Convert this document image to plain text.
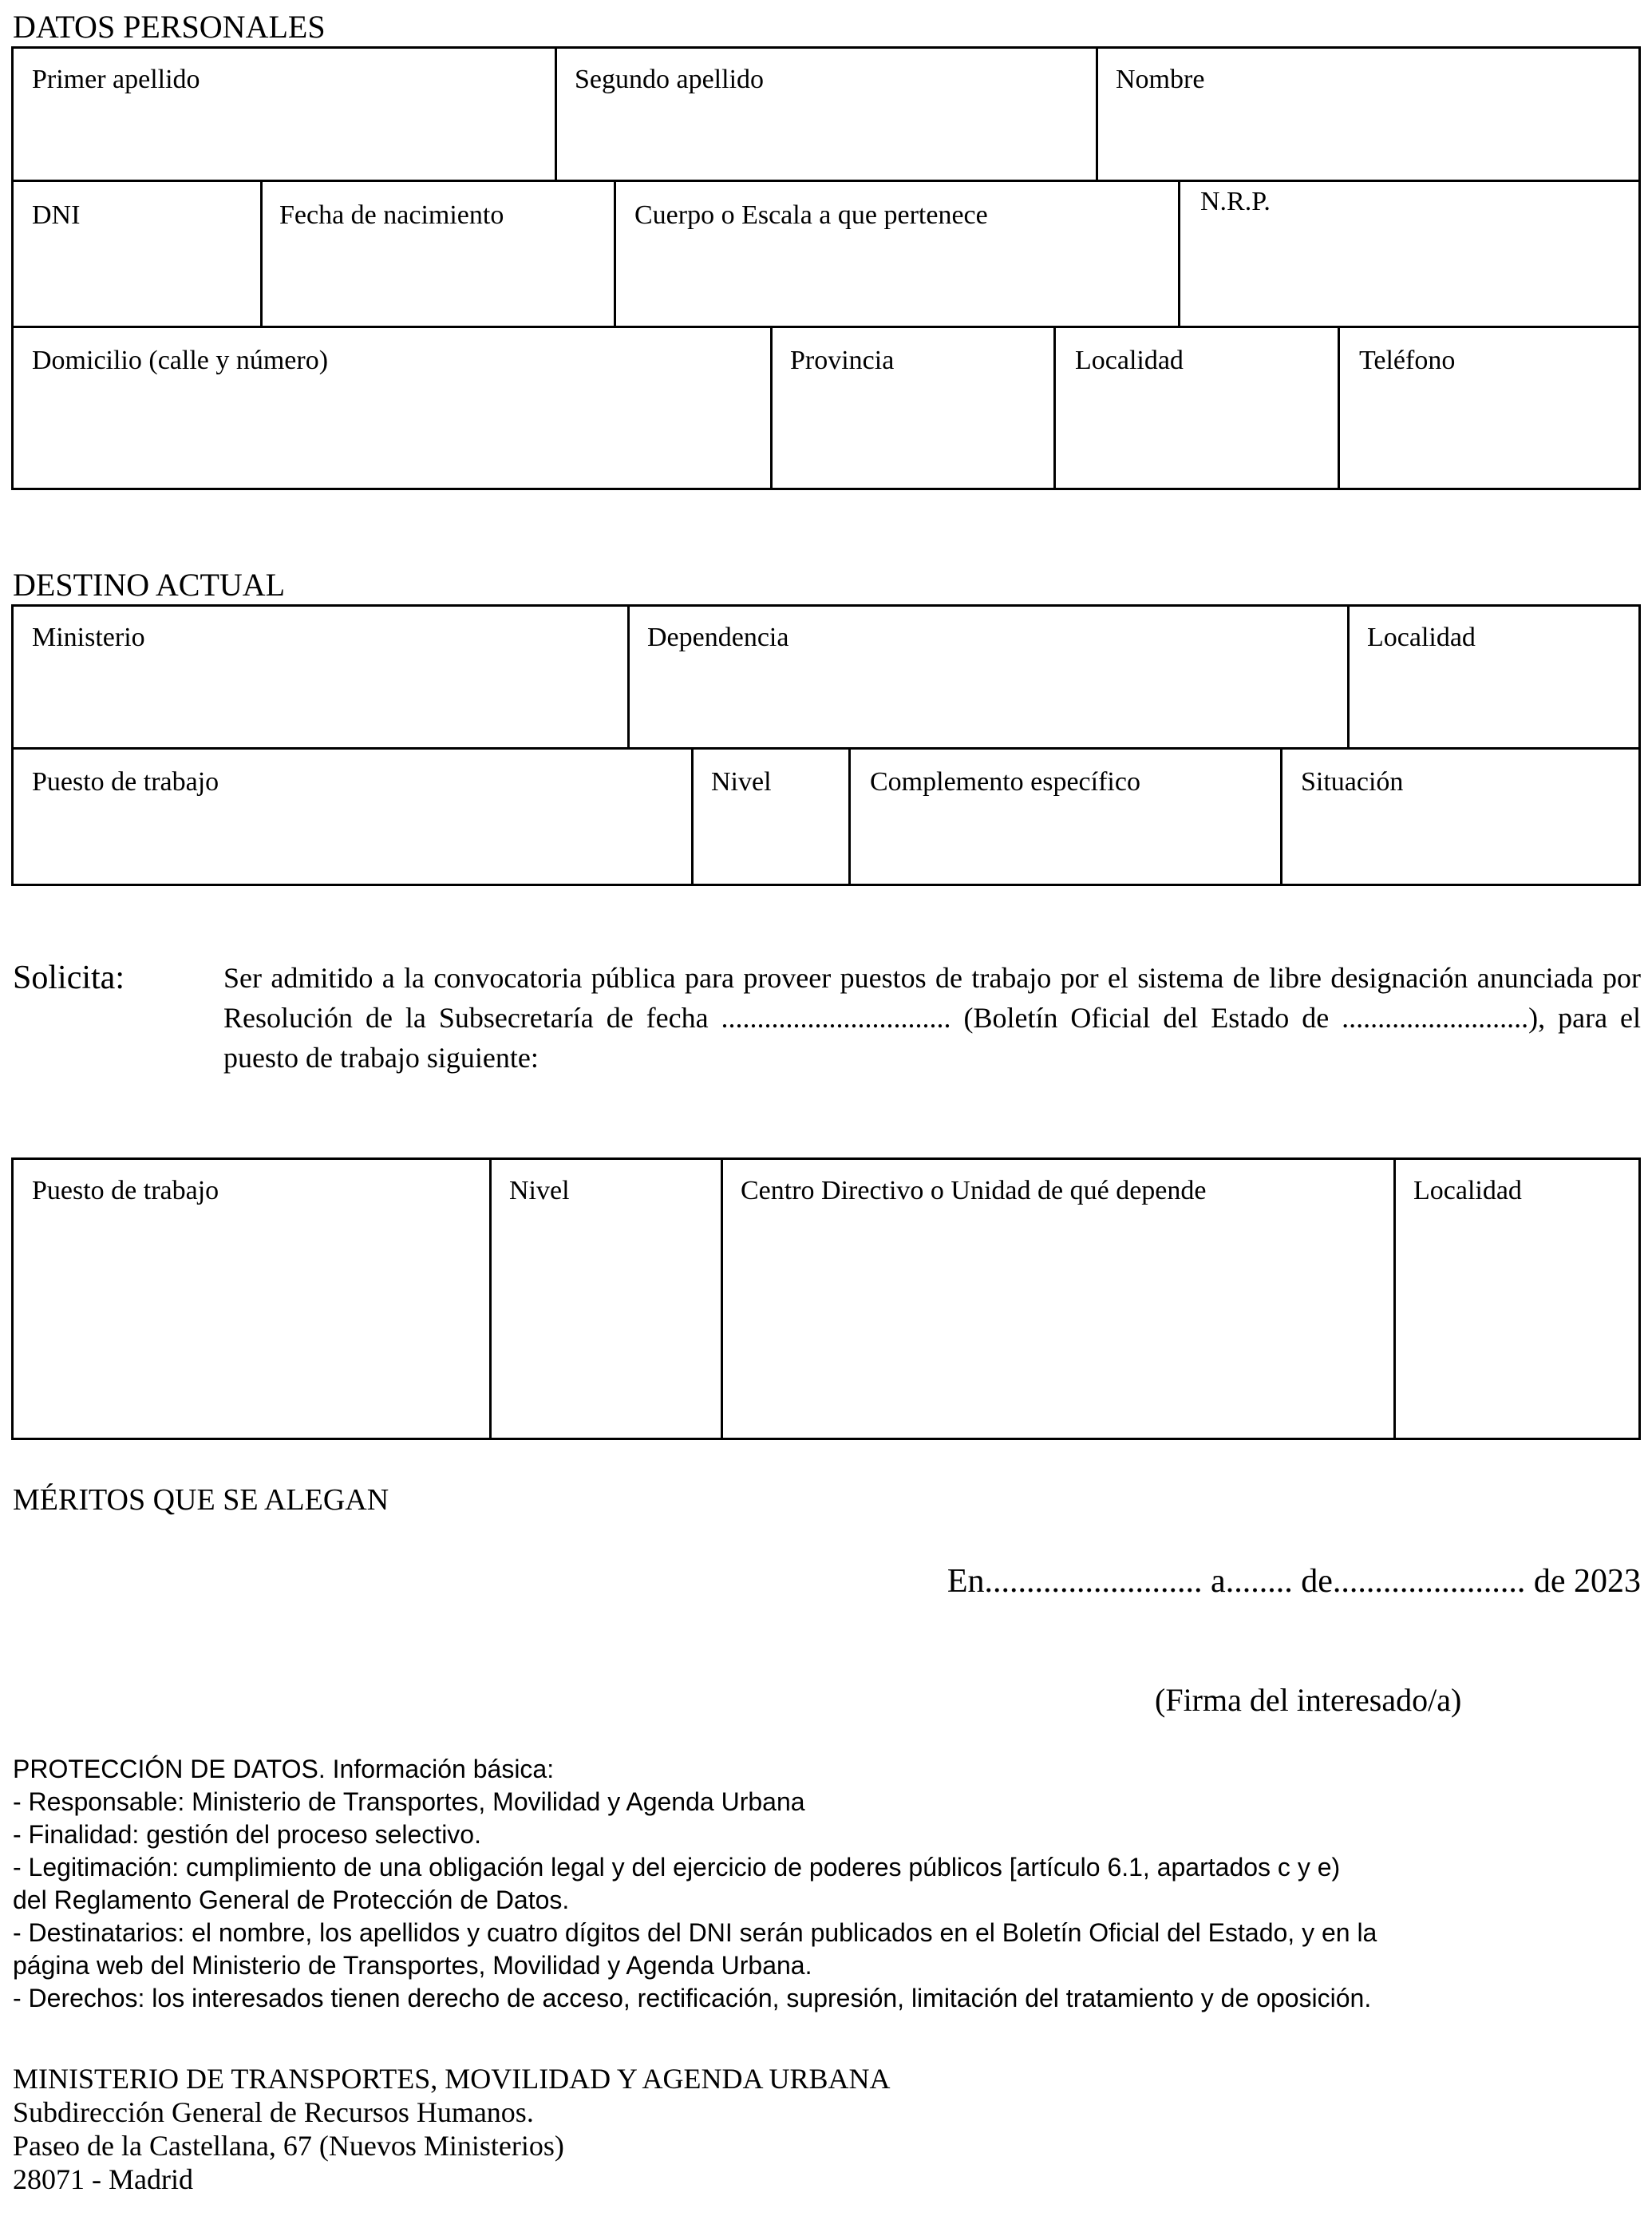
DATOS PERSONALES
Primer apellido	Segundo apellido	Nombre
DNI	Fecha de nacimiento	Cuerpo o Escala a que pertenece	N.R.P.
Domicilio (calle y número)	Provincia	Localidad	Teléfono
DESTINO ACTUAL
Ministerio	Dependencia	Localidad
Puesto de trabajo	Nivel	Complemento específico	Situación
Solicita:	Ser admitido a la convocatoria pública para proveer puestos de trabajo por el sistema de libre designación anunciada por Resolución de la Subsecretaría de fecha ................................ (Boletín Oficial del Estado de ..........................), para el puesto de trabajo siguiente:
Puesto de trabajo	Nivel	Centro Directivo o Unidad de qué depende	Localidad
MÉRITOS QUE SE ALEGAN
En.......................... a........ de....................... de 2023
(Firma del interesado/a)
PROTECCIÓN DE DATOS. Información básica:
- Responsable: Ministerio de Transportes, Movilidad y Agenda Urbana
- Finalidad: gestión del proceso selectivo.
- Legitimación: cumplimiento de una obligación legal y del ejercicio de poderes públicos [artículo 6.1, apartados c y e)
del Reglamento General de Protección de Datos.
- Destinatarios: el nombre, los apellidos y cuatro dígitos del DNI serán publicados en el Boletín Oficial del Estado, y en la
página web del Ministerio de Transportes, Movilidad y Agenda Urbana.
- Derechos: los interesados tienen derecho de acceso, rectificación, supresión, limitación del tratamiento y de oposición.
MINISTERIO DE TRANSPORTES, MOVILIDAD Y AGENDA URBANA
Subdirección General de Recursos Humanos.
Paseo de la Castellana, 67 (Nuevos Ministerios)
28071 - Madrid
